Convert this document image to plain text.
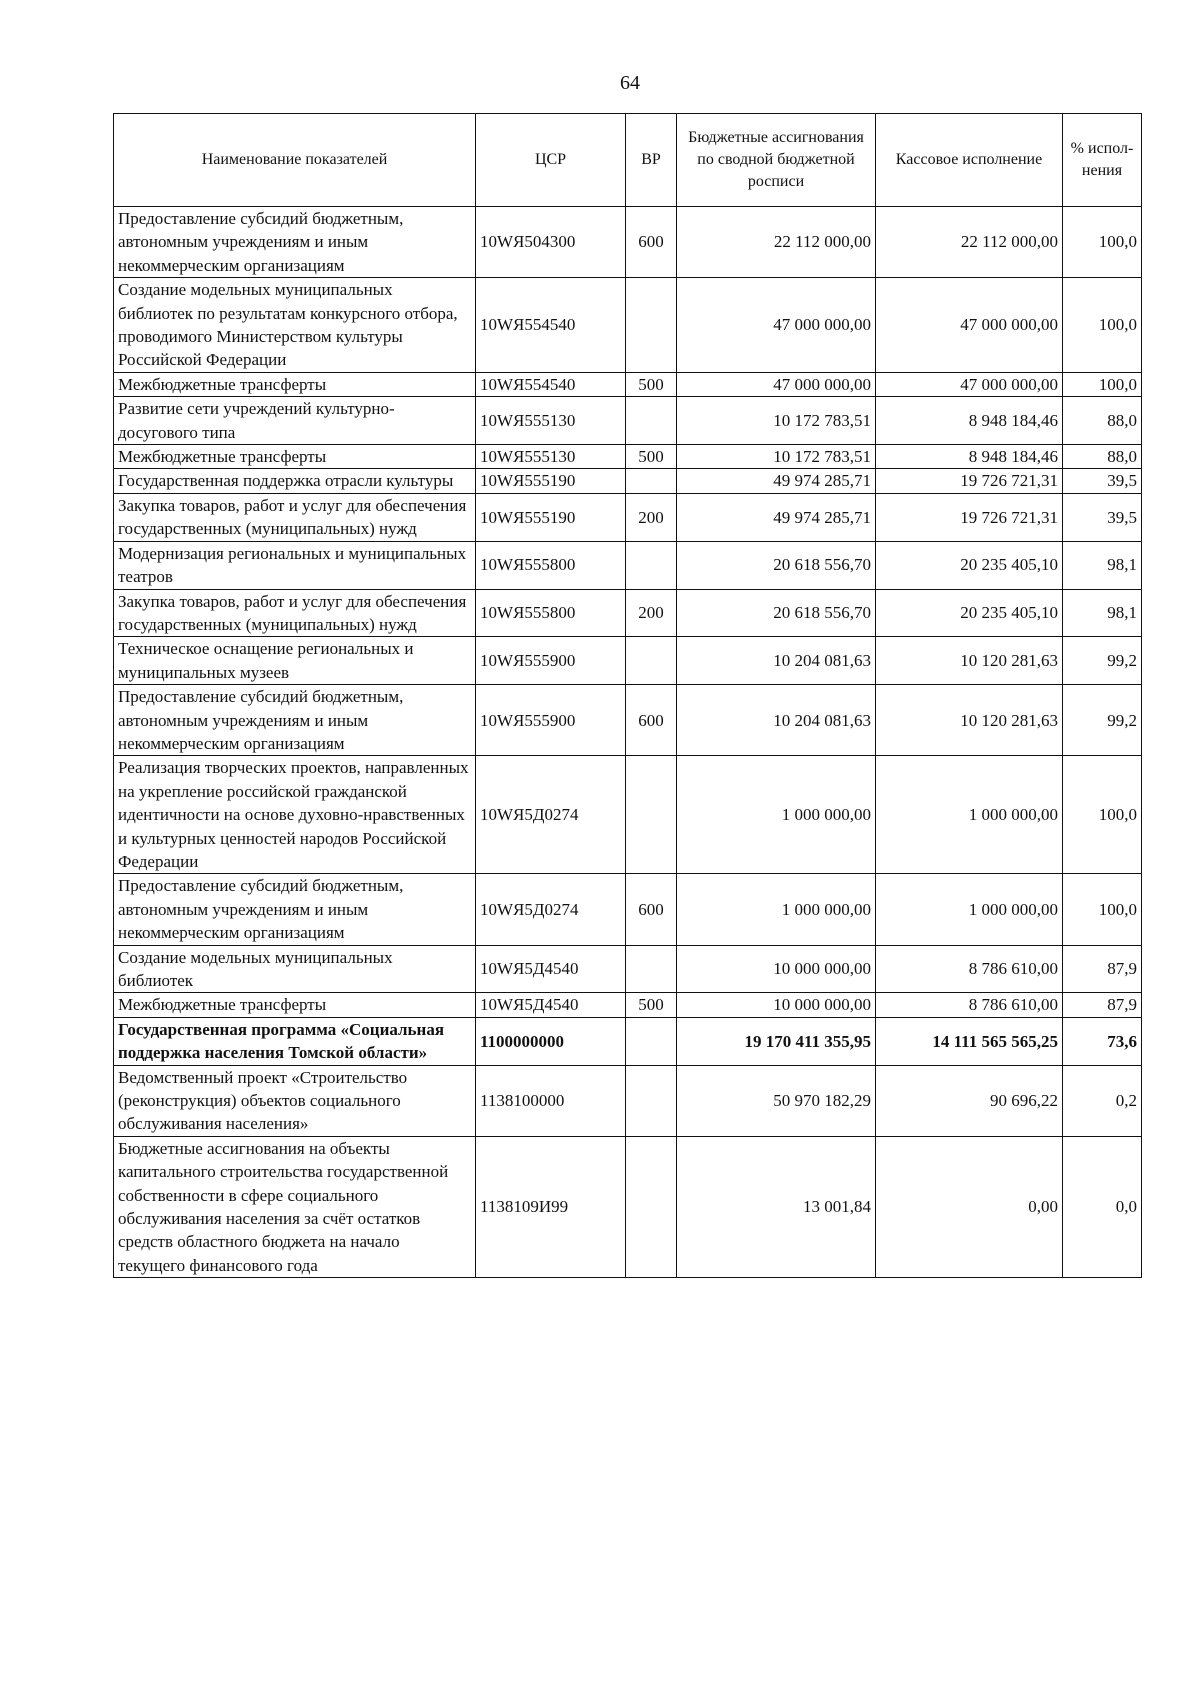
64
Наименование показателей	ЦСР	ВР	Бюджетные ассигнования по сводной бюджетной росписи	Кассовое исполнение	% испол-нения
Предоставление субсидий бюджетным, автономным учреждениям и иным некоммерческим организациям	10WЯ504300	600	22 112 000,00	22 112 000,00	100,0
Создание модельных муниципальных библиотек по результатам конкурсного отбора, проводимого Министерством культуры Российской Федерации	10WЯ554540		47 000 000,00	47 000 000,00	100,0
Межбюджетные трансферты	10WЯ554540	500	47 000 000,00	47 000 000,00	100,0
Развитие сети учреждений культурно-досугового типа	10WЯ555130		10 172 783,51	8 948 184,46	88,0
Межбюджетные трансферты	10WЯ555130	500	10 172 783,51	8 948 184,46	88,0
Государственная поддержка отрасли культуры	10WЯ555190		49 974 285,71	19 726 721,31	39,5
Закупка товаров, работ и услуг для обеспечения государственных (муниципальных) нужд	10WЯ555190	200	49 974 285,71	19 726 721,31	39,5
Модернизация региональных и муниципальных театров	10WЯ555800		20 618 556,70	20 235 405,10	98,1
Закупка товаров, работ и услуг для обеспечения государственных (муниципальных) нужд	10WЯ555800	200	20 618 556,70	20 235 405,10	98,1
Техническое оснащение региональных и муниципальных музеев	10WЯ555900		10 204 081,63	10 120 281,63	99,2
Предоставление субсидий бюджетным, автономным учреждениям и иным некоммерческим организациям	10WЯ555900	600	10 204 081,63	10 120 281,63	99,2
Реализация творческих проектов, направленных на укрепление российской гражданской идентичности на основе духовно-нравственных и культурных ценностей народов Российской Федерации	10WЯ5Д0274		1 000 000,00	1 000 000,00	100,0
Предоставление субсидий бюджетным, автономным учреждениям и иным некоммерческим организациям	10WЯ5Д0274	600	1 000 000,00	1 000 000,00	100,0
Создание модельных муниципальных библиотек	10WЯ5Д4540		10 000 000,00	8 786 610,00	87,9
Межбюджетные трансферты	10WЯ5Д4540	500	10 000 000,00	8 786 610,00	87,9
Государственная программа «Социальная поддержка населения Томской области»	1100000000		19 170 411 355,95	14 111 565 565,25	73,6
Ведомственный проект «Строительство (реконструкция) объектов социального обслуживания населения»	1138100000		50 970 182,29	90 696,22	0,2
Бюджетные ассигнования на объекты капитального строительства государственной собственности в сфере социального обслуживания населения за счёт остатков средств областного бюджета на начало текущего финансового года	1138109И99		13 001,84	0,00	0,0
